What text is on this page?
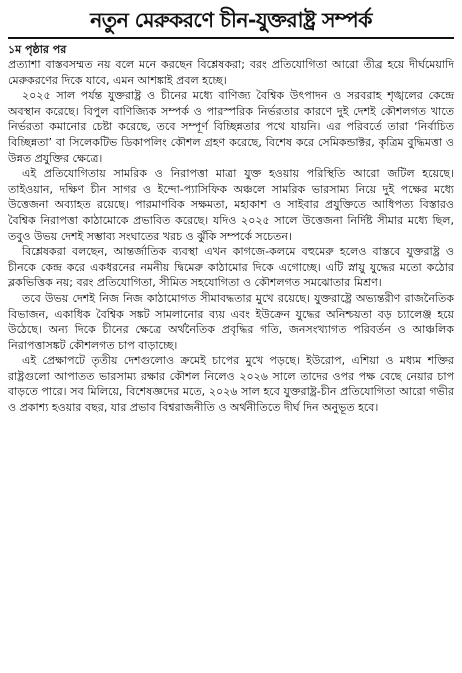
নতুন মেরুকরণে চীন-যুক্তরাষ্ট্র সম্পর্ক

১ম পৃষ্ঠার পর

প্রত্যাশা বাস্তবসম্মত নয় বলে মনে করছেন বিশ্লেষকরা; বরং প্রতিযোগিতা আরো তীব্র হয়ে দীর্ঘমেয়াদি মেরুকরণের দিকে যাবে, এমন আশঙ্কাই প্রবল হচ্ছে।

২০২৫ সাল পর্যন্ত যুক্তরাষ্ট্র ও চীনের মধ্যে বাণিজ্য বৈশ্বিক উৎপাদন ও সরবরাহ শৃঙ্খলের কেন্দ্রে অবস্থান করেছে। বিপুল বাণিজ্যিক সম্পর্ক ও পারস্পরিক নির্ভরতার কারণে দুই দেশই কৌশলগত খাতে নির্ভরতা কমানোর চেষ্টা করেছে, তবে সম্পূর্ণ বিচ্ছিন্নতার পথে যায়নি। এর পরিবর্তে তারা ‘নির্বাচিত বিচ্ছিন্নতা’ বা সিলেকটিভ ডিকাপলিং কৌশল গ্রহণ করেছে, বিশেষ করে সেমিকন্ডাক্টর, কৃত্রিম বুদ্ধিমত্তা ও উন্নত প্রযুক্তির ক্ষেত্রে।

এই প্রতিযোগিতায় সামরিক ও নিরাপত্তা মাত্রা যুক্ত হওয়ায় পরিস্থিতি আরো জটিল হয়েছে। তাইওয়ান, দক্ষিণ চীন সাগর ও ইন্দো-প্যাসিফিক অঞ্চলে সামরিক ভারসাম্য নিয়ে দুই পক্ষের মধ্যে উত্তেজনা অব্যাহত রয়েছে। পারমাণবিক সক্ষমতা, মহাকাশ ও সাইবার প্রযুক্তিতে আধিপত্য বিস্তারও বৈশ্বিক নিরাপত্তা কাঠামোকে প্রভাবিত করেছে। যদিও ২০২৫ সালে উত্তেজনা নির্দিষ্ট সীমার মধ্যে ছিল, তবুও উভয় দেশই সম্ভাব্য সংঘাতের খরচ ও ঝুঁকি সম্পর্কে সচেতন।

বিশ্লেষকরা বলছেন, আন্তর্জাতিক ব্যবস্থা এখন কাগজে-কলমে বহুমেরু হলেও বাস্তবে যুক্তরাষ্ট্র ও চীনকে কেন্দ্র করে একধরনের নমনীয় দ্বিমেরু কাঠামোর দিকে এগোচ্ছে। এটি স্নায়ু যুদ্ধের মতো কঠোর ব্লকভিত্তিক নয়; বরং প্রতিযোগিতা, সীমিত সহযোগিতা ও কৌশলগত সমঝোতার মিশ্রণ।

তবে উভয় দেশই নিজ নিজ কাঠামোগত সীমাবদ্ধতার মুখে রয়েছে। যুক্তরাষ্ট্রে অভ্যন্তরীণ রাজনৈতিক বিভাজন, একাধিক বৈশ্বিক সঙ্কট সামলানোর ব্যয় এবং ইউক্রেন যুদ্ধের অনিশ্চয়তা বড় চ্যালেঞ্জ হয়ে উঠেছে। অন্য দিকে চীনের ক্ষেত্রে অর্থনৈতিক প্রবৃদ্ধির গতি, জনসংখ্যাগত পরিবর্তন ও আঞ্চলিক নিরাপত্তাসঙ্কট কৌশলগত চাপ বাড়াচ্ছে।

এই প্রেক্ষাপটে তৃতীয় দেশগুলোও ক্রমেই চাপের মুখে পড়ছে। ইউরোপ, এশিয়া ও মধ্যম শক্তির রাষ্ট্রগুলো আপাতত ভারসাম্য রক্ষার কৌশল নিলেও ২০২৬ সালে তাদের ওপর পক্ষ বেছে নেয়ার চাপ বাড়তে পারে। সব মিলিয়ে, বিশেষজ্ঞদের মতে, ২০২৬ সাল হবে যুক্তরাষ্ট্র-চীন প্রতিযোগিতা আরো গভীর ও প্রকাশ্য হওয়ার বছর, যার প্রভাব বিশ্বরাজনীতি ও অর্থনীতিতে দীর্ঘ দিন অনুভূত হবে।
